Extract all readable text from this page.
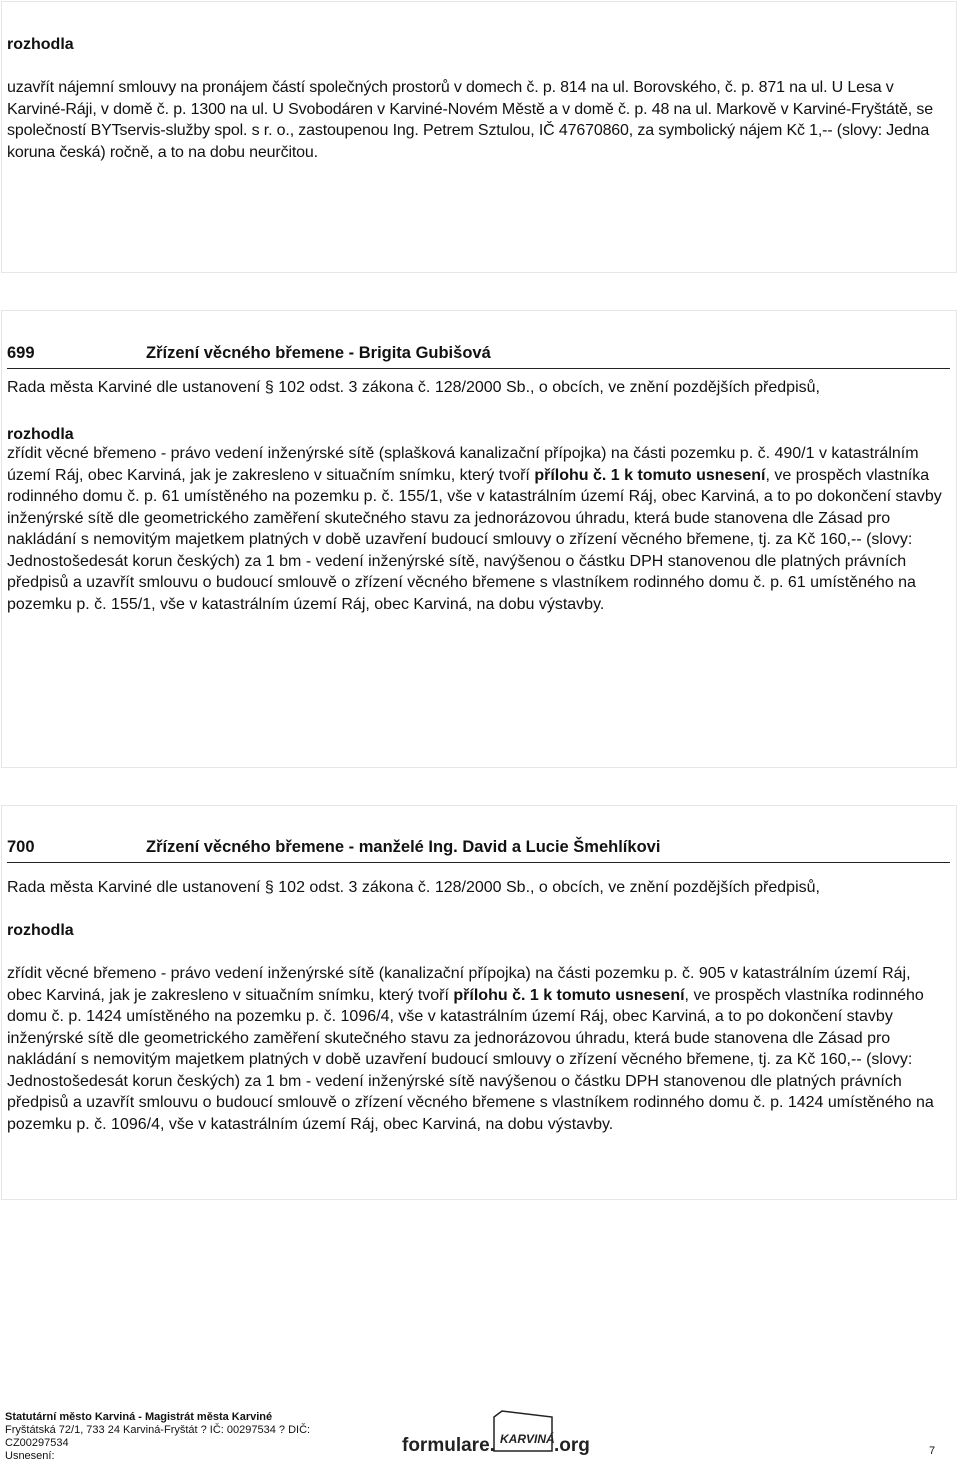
rozhodla
uzavřít nájemní smlouvy na pronájem částí společných prostorů v domech č. p. 814 na ul. Borovského, č. p. 871 na ul. U Lesa v Karviné-Ráji, v domě č. p. 1300 na ul. U Svobodáren v Karviné-Novém Městě a v domě č. p. 48 na ul. Markově v Karviné-Fryštátě, se společností BYTservis-služby spol. s r. o., zastoupenou Ing. Petrem Sztulou, IČ 47670860, za symbolický nájem Kč 1,-- (slovy: Jedna koruna česká) ročně, a to na dobu neurčitou.
699	Zřízení věcného břemene - Brigita Gubišová
Rada města Karviné dle ustanovení § 102 odst. 3 zákona č. 128/2000 Sb., o obcích, ve znění pozdějších předpisů,
rozhodla
zřídit věcné břemeno - právo vedení inženýrské sítě (splašková kanalizační přípojka) na části pozemku p. č. 490/1 v katastrálním území Ráj, obec Karviná, jak je zakresleno v situačním snímku, který tvoří přílohu č. 1 k tomuto usnesení, ve prospěch vlastníka rodinného domu č. p. 61 umístěného na pozemku p. č. 155/1, vše v katastrálním území Ráj, obec Karviná, a to po dokončení stavby inženýrské sítě dle geometrického zaměření skutečného stavu za jednorázovou úhradu, která bude stanovena dle Zásad pro nakládání s nemovitým majetkem platných v době uzavření budoucí smlouvy o zřízení věcného břemene, tj. za Kč 160,-- (slovy: Jednostošedesát korun českých) za 1 bm - vedení inženýrské sítě, navýšenou o částku DPH stanovenou dle platných právních předpisů a uzavřít smlouvu o budoucí smlouvě o zřízení věcného břemene s vlastníkem rodinného domu č. p. 61 umístěného na pozemku p. č. 155/1, vše v katastrálním území Ráj, obec Karviná, na dobu výstavby.
700	Zřízení věcného břemene - manželé Ing. David a Lucie Šmehlíkovi
Rada města Karviné dle ustanovení § 102 odst. 3 zákona č. 128/2000 Sb., o obcích, ve znění pozdějších předpisů,
rozhodla
zřídit věcné břemeno - právo vedení inženýrské sítě (kanalizační přípojka) na části pozemku p. č. 905 v katastrálním území Ráj, obec Karviná, jak je zakresleno v situačním snímku, který tvoří přílohu č. 1 k tomuto usnesení, ve prospěch vlastníka rodinného domu č. p. 1424 umístěného na pozemku p. č. 1096/4, vše v katastrálním území Ráj, obec Karviná, a to po dokončení stavby inženýrské sítě dle geometrického zaměření skutečného stavu za jednorázovou úhradu, která bude stanovena dle Zásad pro nakládání s nemovitým majetkem platných v době uzavření budoucí smlouvy o zřízení věcného břemene, tj. za Kč 160,-- (slovy: Jednostošedesát korun českých) za 1 bm - vedení inženýrské sítě navýšenou o částku DPH stanovenou dle platných právních předpisů a uzavřít smlouvu o budoucí smlouvě o zřízení věcného břemene s vlastníkem rodinného domu č. p. 1424 umístěného na pozemku p. č. 1096/4, vše v katastrálním území Ráj, obec Karviná, na dobu výstavby.
Statutární město Karviná - Magistrát města Karviné
Fryštátská 72/1, 733 24 Karviná-Fryštát ? IČ: 00297534 ? DIČ:
CZ00297534
Usnesení:	formulare. KARVINÁ .org	7
